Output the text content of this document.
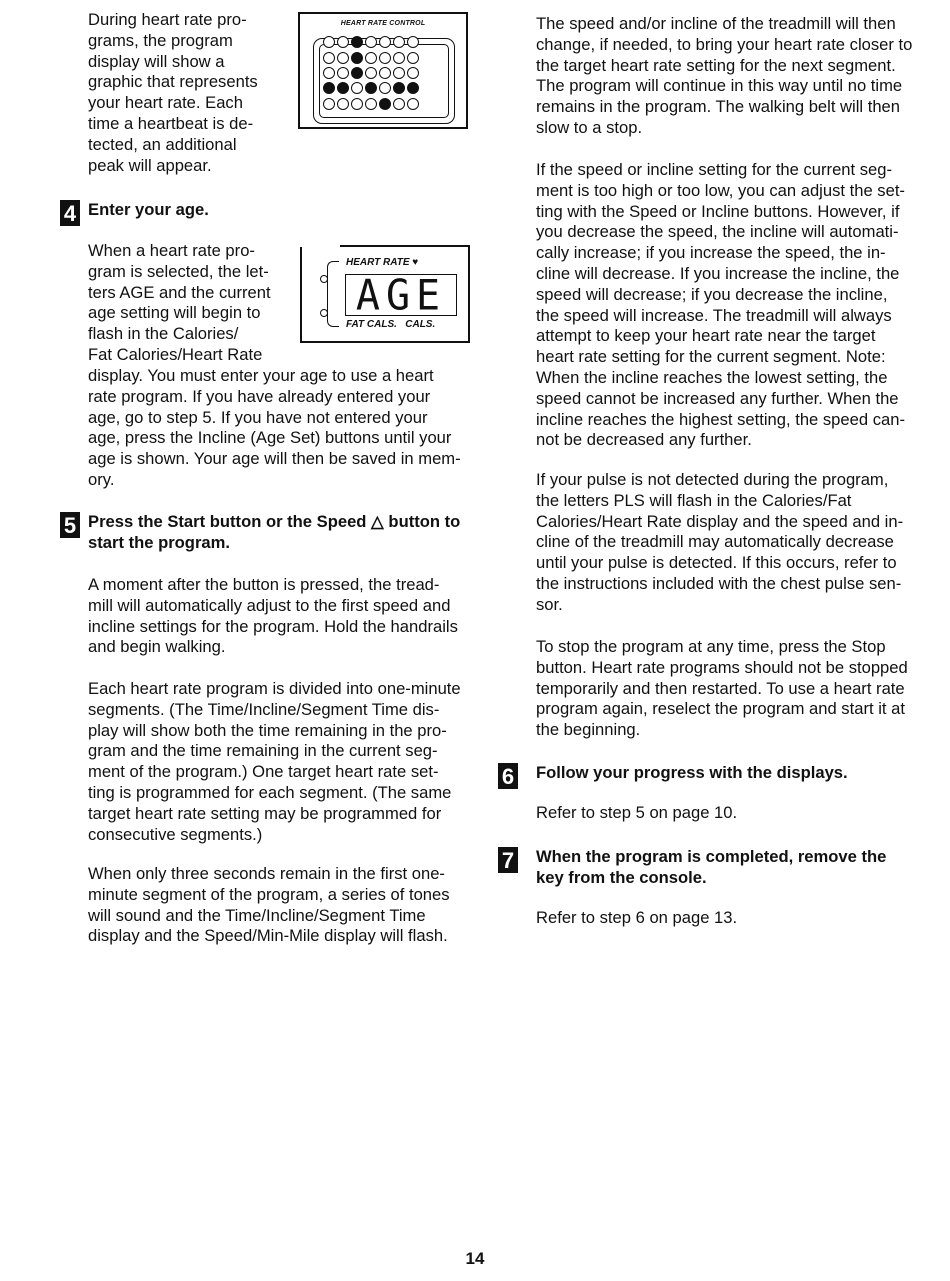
During heart rate pro-
grams, the program
display will show a
graphic that represents
your heart rate. Each
time a heartbeat is de-
tected, an additional
peak will appear.

HEART RATE CONTROL
4 Enter your age.

When a heart rate pro-
gram is selected, the let-
ters AGE and the current
age setting will begin to
flash in the Calories/
Fat Calories/Heart Rate

display. You must enter your age to use a heart
rate program. If you have already entered your
age, go to step 5. If you have not entered your
age, press the Incline (Age Set) buttons until your
age is shown. Your age will then be saved in mem-
ory.

HEART RATE ♥
AGE
FAT CALS.   CALS.
5 Press the Start button or the Speed △ button to
start the program.

A moment after the button is pressed, the tread-
mill will automatically adjust to the first speed and
incline settings for the program. Hold the handrails
and begin walking.

Each heart rate program is divided into one-minute
segments. (The Time/Incline/Segment Time dis-
play will show both the time remaining in the pro-
gram and the time remaining in the current seg-
ment of the program.) One target heart rate set-
ting is programmed for each segment. (The same
target heart rate setting may be programmed for
consecutive segments.)

When only three seconds remain in the first one-
minute segment of the program, a series of tones
will sound and the Time/Incline/Segment Time
display and the Speed/Min-Mile display will flash.

The speed and/or incline of the treadmill will then
change, if needed, to bring your heart rate closer to
the target heart rate setting for the next segment.
The program will continue in this way until no time
remains in the program. The walking belt will then
slow to a stop.

If the speed or incline setting for the current seg-
ment is too high or too low, you can adjust the set-
ting with the Speed or Incline buttons. However, if
you decrease the speed, the incline will automati-
cally increase; if you increase the speed, the in-
cline will decrease. If you increase the incline, the
speed will decrease; if you decrease the incline,
the speed will increase. The treadmill will always
attempt to keep your heart rate near the target
heart rate setting for the current segment. Note:
When the incline reaches the lowest setting, the
speed cannot be increased any further. When the
incline reaches the highest setting, the speed can-
not be decreased any further.

If your pulse is not detected during the program,
the letters PLS will flash in the Calories/Fat
Calories/Heart Rate display and the speed and in-
cline of the treadmill may automatically decrease
until your pulse is detected. If this occurs, refer to
the instructions included with the chest pulse sen-
sor.

To stop the program at any time, press the Stop
button. Heart rate programs should not be stopped
temporarily and then restarted. To use a heart rate
program again, reselect the program and start it at
the beginning.

6 Follow your progress with the displays.

Refer to step 5 on page 10.

7 When the program is completed, remove the
key from the console.

Refer to step 6 on page 13.

14
